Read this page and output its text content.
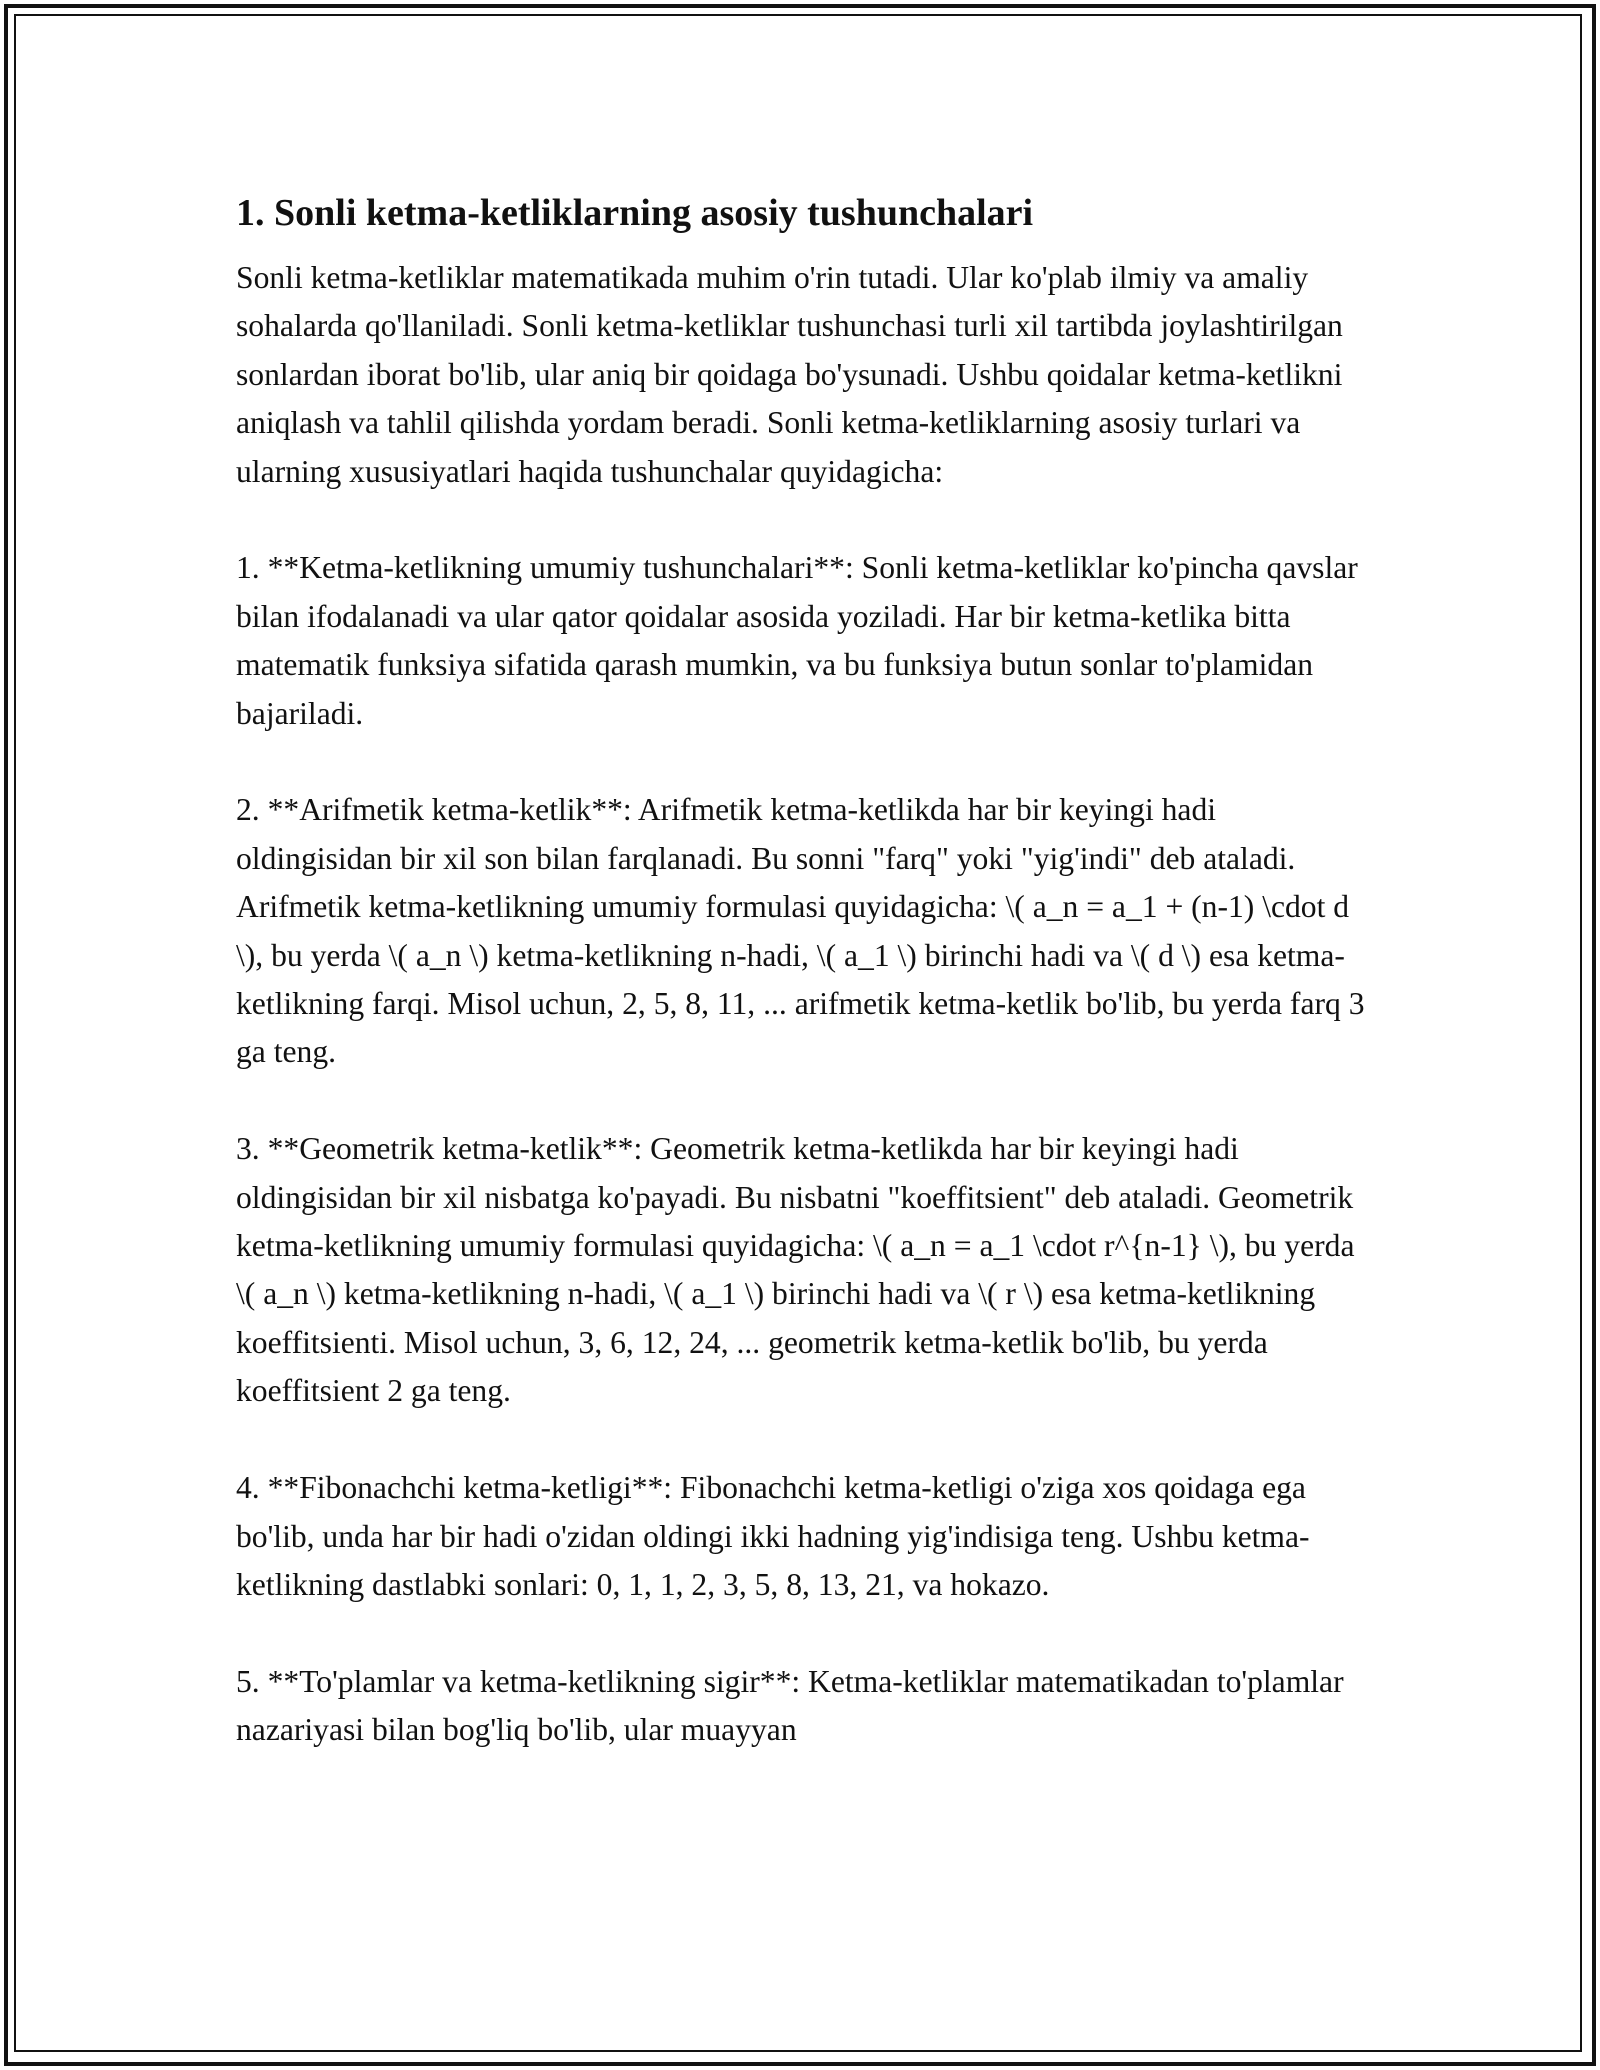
1. Sonli ketma-ketliklarning asosiy tushunchalari

Sonli ketma-ketliklar matematikada muhim o'rin tutadi. Ular ko'plab ilmiy va amaliy sohalarda qo'llaniladi. Sonli ketma-ketliklar tushunchasi turli xil tartibda joylashtirilgan sonlardan iborat bo'lib, ular aniq bir qoidaga bo'ysunadi. Ushbu qoidalar ketma-ketlikni aniqlash va tahlil qilishda yordam beradi. Sonli ketma-ketliklarning asosiy turlari va ularning xususiyatlari haqida tushunchalar quyidagicha:

1. **Ketma-ketlikning umumiy tushunchalari**: Sonli ketma-ketliklar ko'pincha qavslar bilan ifodalanadi va ular qator qoidalar asosida yoziladi. Har bir ketma-ketlika bitta matematik funksiya sifatida qarash mumkin, va bu funksiya butun sonlar to'plamidan bajariladi.

2. **Arifmetik ketma-ketlik**: Arifmetik ketma-ketlikda har bir keyingi hadi oldingisidan bir xil son bilan farqlanadi. Bu sonni "farq" yoki "yig'indi" deb ataladi. Arifmetik ketma-ketlikning umumiy formulasi quyidagicha: \( a_n = a_1 + (n-1) \cdot d \), bu yerda \( a_n \) ketma-ketlikning n-hadi, \( a_1 \) birinchi hadi va \( d \) esa ketma-ketlikning farqi. Misol uchun, 2, 5, 8, 11, ... arifmetik ketma-ketlik bo'lib, bu yerda farq 3 ga teng.

3. **Geometrik ketma-ketlik**: Geometrik ketma-ketlikda har bir keyingi hadi oldingisidan bir xil nisbatga ko'payadi. Bu nisbatni "koeffitsient" deb ataladi. Geometrik ketma-ketlikning umumiy formulasi quyidagicha: \( a_n = a_1 \cdot r^{n-1} \), bu yerda \( a_n \) ketma-ketlikning n-hadi, \( a_1 \) birinchi hadi va \( r \) esa ketma-ketlikning koeffitsienti. Misol uchun, 3, 6, 12, 24, ... geometrik ketma-ketlik bo'lib, bu yerda koeffitsient 2 ga teng.

4. **Fibonachchi ketma-ketligi**: Fibonachchi ketma-ketligi o'ziga xos qoidaga ega bo'lib, unda har bir hadi o'zidan oldingi ikki hadning yig'indisiga teng. Ushbu ketma-ketlikning dastlabki sonlari: 0, 1, 1, 2, 3, 5, 8, 13, 21, va hokazo.

5. **To'plamlar va ketma-ketlikning sigir**: Ketma-ketliklar matematikadan to'plamlar nazariyasi bilan bog'liq bo'lib, ular muayyan
